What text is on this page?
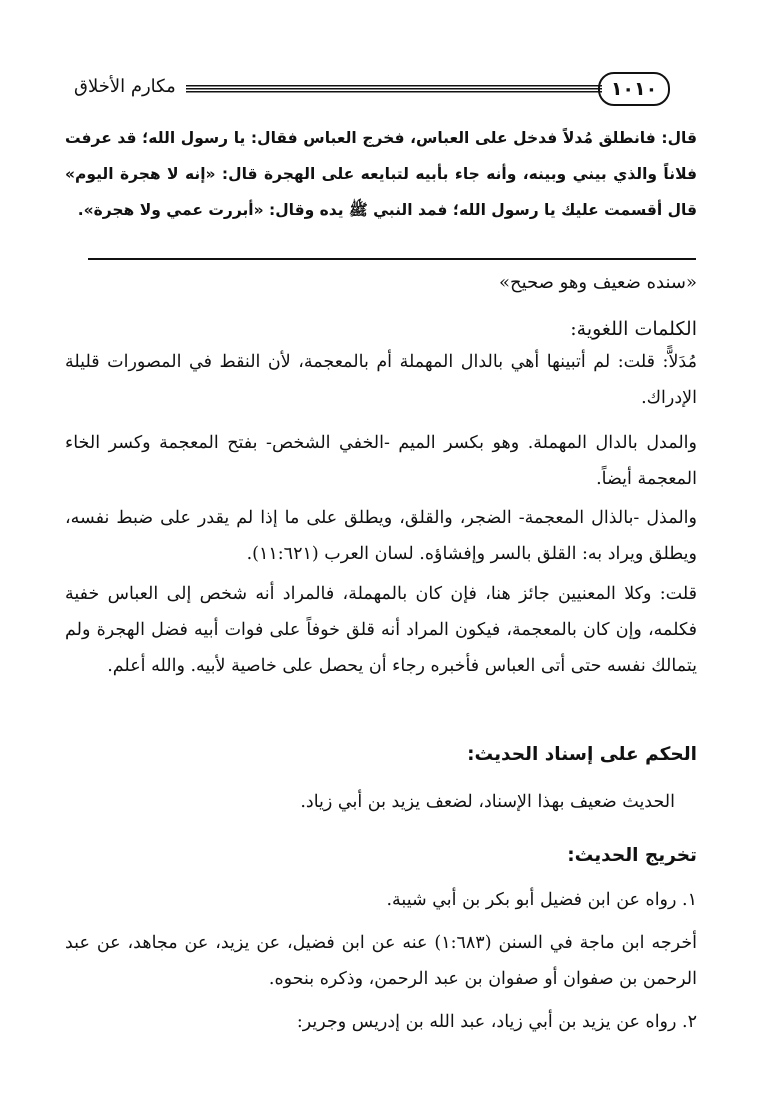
١٠١٠
مكارم الأخلاق
قال: فانطلق مُدلاً فدخل على العباس، فخرج العباس فقال: يا رسول الله؛ قد عرفت فلاناً والذي بيني وبينه، وأنه جاء بأبيه لتبايعه على الهجرة قال: «إنه لا هجرة اليوم» قال أقسمت عليك يا رسول الله؛ فمد النبي ﷺ يده وقال: «أبررت عمي ولا هجرة».
«سنده ضعيف وهو صحيح»
الكلمات اللغوية:
مُدَلاًّ: قلت: لم أتبينها أهي بالدال المهملة أم بالمعجمة، لأن النقط في المصورات قليلة الإدراك.
والمدل بالدال المهملة. وهو بكسر الميم -الخفي الشخص- بفتح المعجمة وكسر الخاء المعجمة أيضاً.
والمذل -بالذال المعجمة- الضجر، والقلق، ويطلق على ما إذا لم يقدر على ضبط نفسه، ويطلق ويراد به: القلق بالسر وإفشاؤه. لسان العرب (١١:٦٢١).
قلت: وكلا المعنيين جائز هنا، فإن كان بالمهملة، فالمراد أنه شخص إلى العباس خفية فكلمه، وإن كان بالمعجمة، فيكون المراد أنه قلق خوفاً على فوات أبيه فضل الهجرة ولم يتمالك نفسه حتى أتى العباس فأخبره رجاء أن يحصل على خاصية لأبيه. والله أعلم.
الحكم على إسناد الحديث:
الحديث ضعيف بهذا الإسناد، لضعف يزيد بن أبي زياد.
تخريج الحديث:
١. رواه عن ابن فضيل أبو بكر بن أبي شيبة.
أخرجه ابن ماجة في السنن (١:٦٨٣) عنه عن ابن فضيل، عن يزيد، عن مجاهد، عن عبد الرحمن بن صفوان أو صفوان بن عبد الرحمن، وذكره بنحوه.
٢. رواه عن يزيد بن أبي زياد، عبد الله بن إدريس وجرير:
